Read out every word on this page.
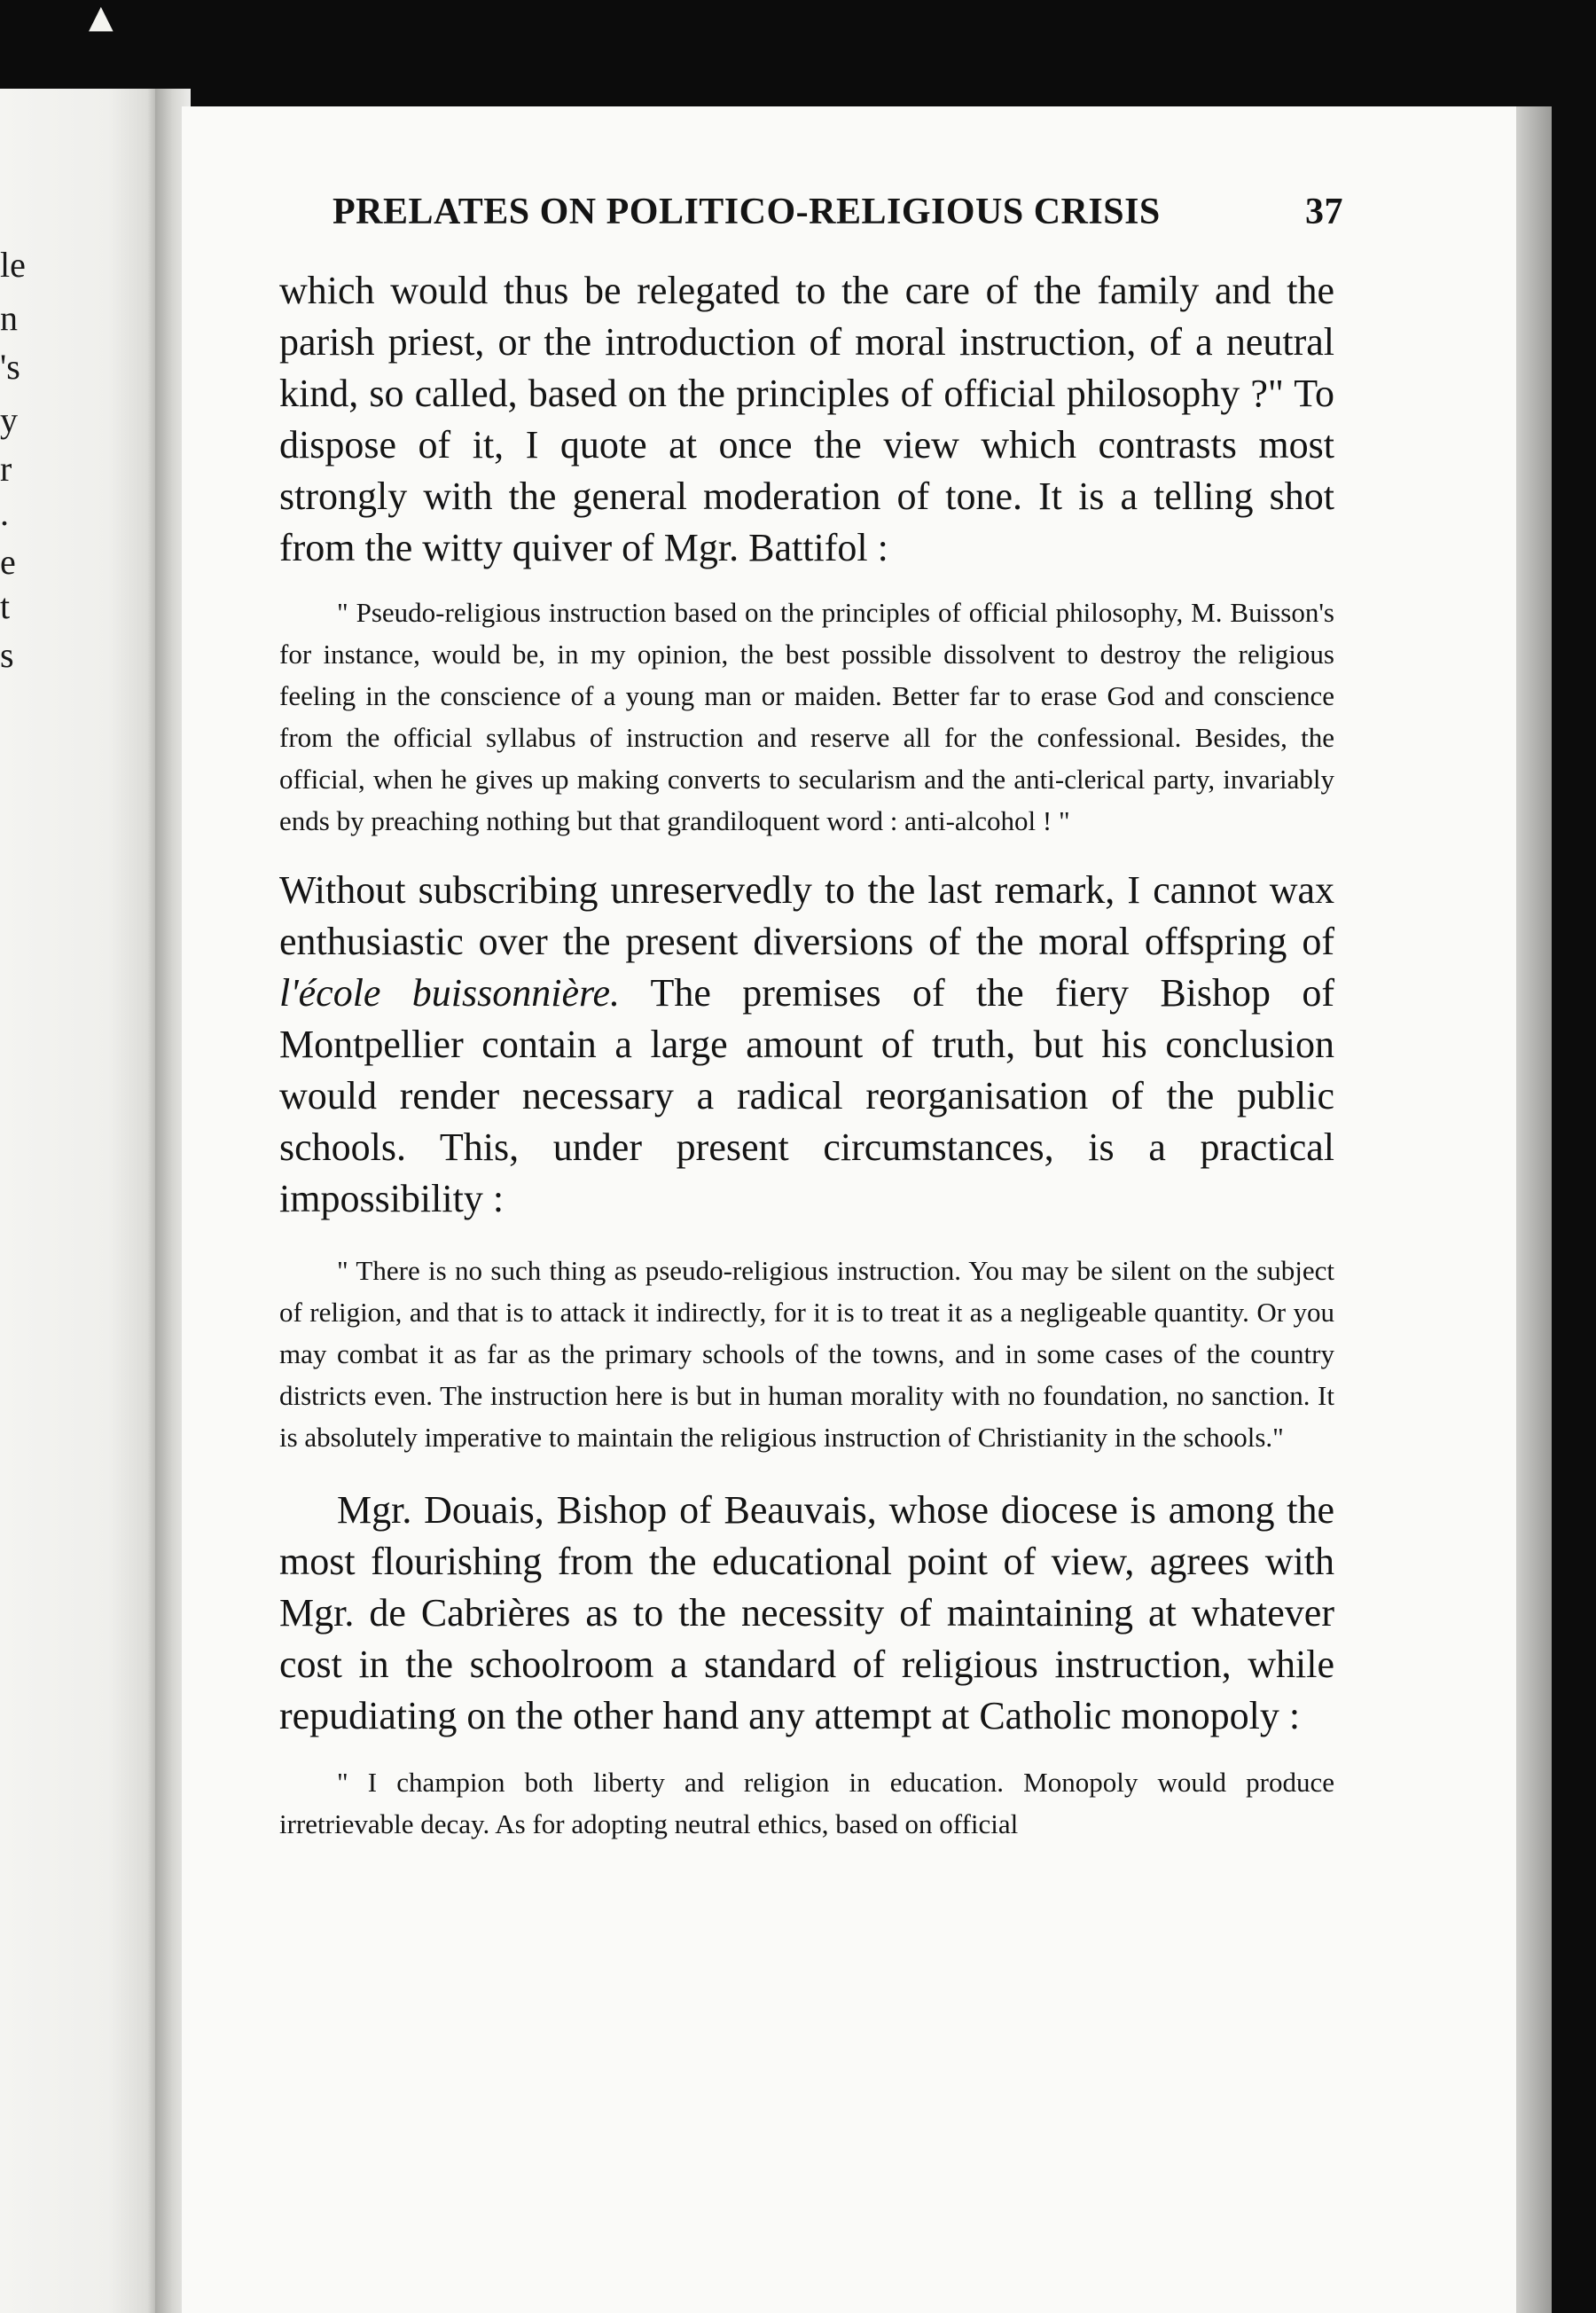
▲
le
n
's
y
r
.
e
t
s
PRELATES ON POLITICO-RELIGIOUS CRISIS	37

which would thus be relegated to the care of the family and the parish priest, or the introduction of moral instruction, of a neutral kind, so called, based on the principles of official philosophy ?" To dispose of it, I quote at once the view which contrasts most strongly with the general moderation of tone. It is a telling shot from the witty quiver of Mgr. Battifol :

" Pseudo-religious instruction based on the principles of official philosophy, M. Buisson's for instance, would be, in my opinion, the best possible dissolvent to destroy the religious feeling in the conscience of a young man or maiden. Better far to erase God and conscience from the official syllabus of instruction and reserve all for the confessional. Besides, the official, when he gives up making converts to secularism and the anti-clerical party, invariably ends by preaching nothing but that grandiloquent word : anti-alcohol ! "

Without subscribing unreservedly to the last remark, I cannot wax enthusiastic over the present diversions of the moral offspring of l'école buissonnière. The premises of the fiery Bishop of Montpellier contain a large amount of truth, but his conclusion would render necessary a radical reorganisation of the public schools. This, under present circumstances, is a practical impossibility :

" There is no such thing as pseudo-religious instruction. You may be silent on the subject of religion, and that is to attack it indirectly, for it is to treat it as a negligeable quantity. Or you may combat it as far as the primary schools of the towns, and in some cases of the country districts even. The instruction here is but in human morality with no foundation, no sanction. It is absolutely imperative to maintain the religious instruction of Christianity in the schools."

Mgr. Douais, Bishop of Beauvais, whose diocese is among the most flourishing from the educational point of view, agrees with Mgr. de Cabrières as to the necessity of maintaining at whatever cost in the schoolroom a standard of religious instruction, while repudiating on the other hand any attempt at Catholic monopoly :

" I champion both liberty and religion in education. Monopoly would produce irretrievable decay. As for adopting neutral ethics, based on official
